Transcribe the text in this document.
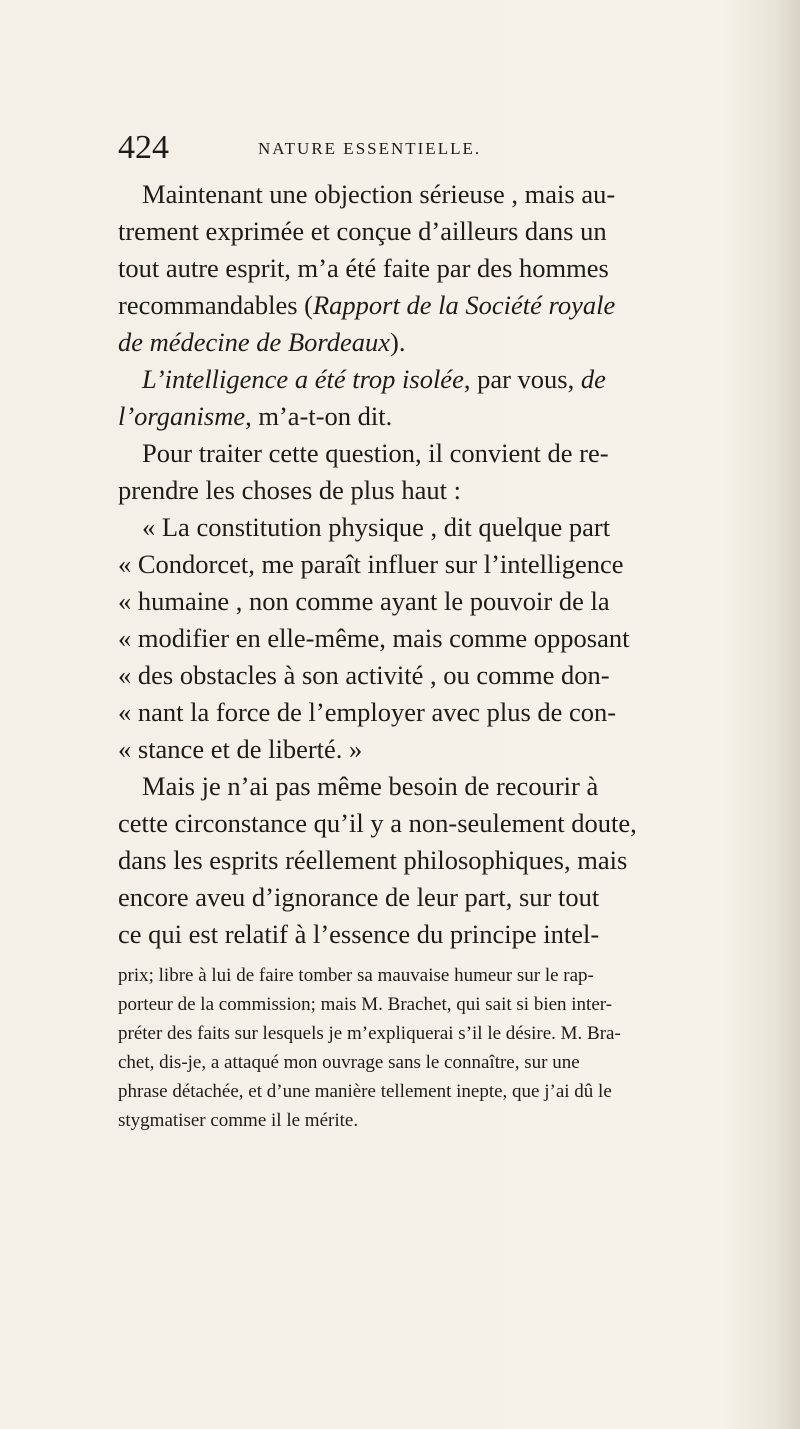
424	NATURE ESSENTIELLE.
Maintenant une objection sérieuse , mais au-
trement exprimée et conçue d’ailleurs dans un
tout autre esprit, m’a été faite par des hommes
recommandables (Rapport de la Société royale
de médecine de Bordeaux).
L’intelligence a été trop isolée, par vous, de
l’organisme, m’a-t-on dit.
Pour traiter cette question, il convient de re-
prendre les choses de plus haut :
« La constitution physique , dit quelque part
« Condorcet, me paraît influer sur l’intelligence
« humaine , non comme ayant le pouvoir de la
« modifier en elle-même, mais comme opposant
« des obstacles à son activité , ou comme don-
« nant la force de l’employer avec plus de con-
« stance et de liberté. »
Mais je n’ai pas même besoin de recourir à
cette circonstance qu’il y a non-seulement doute,
dans les esprits réellement philosophiques, mais
encore aveu d’ignorance de leur part, sur tout
ce qui est relatif à l’essence du principe intel-
prix; libre à lui de faire tomber sa mauvaise humeur sur le rap-
porteur de la commission; mais M. Brachet, qui sait si bien inter-
préter des faits sur lesquels je m’expliquerai s’il le désire. M. Bra-
chet, dis-je, a attaqué mon ouvrage sans le connaître, sur une
phrase détachée, et d’une manière tellement inepte, que j’ai dû le
stygmatiser comme il le mérite.
